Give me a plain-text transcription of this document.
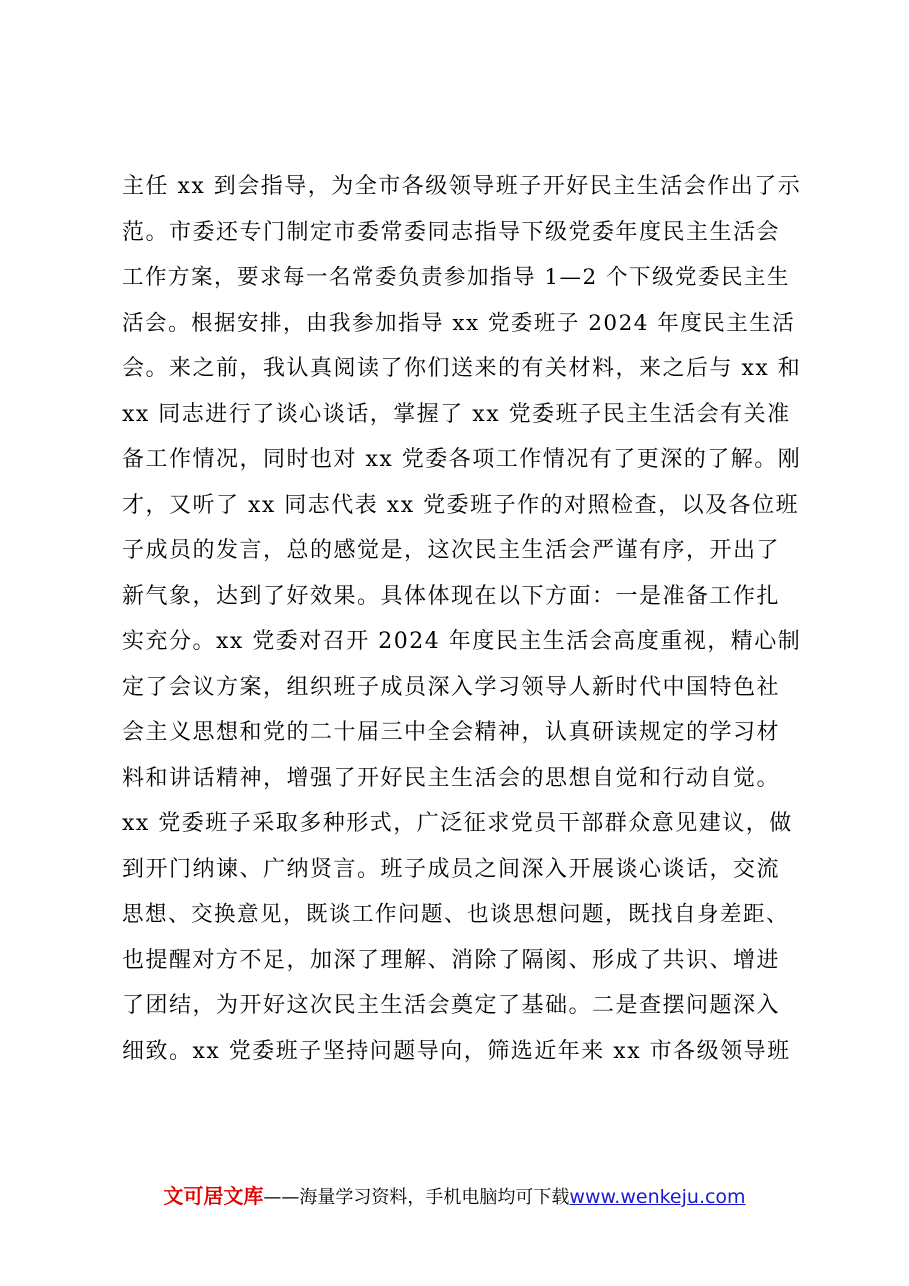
主任 xx 到会指导，为全市各级领导班子开好民主生活会作出了示
范。市委还专门制定市委常委同志指导下级党委年度民主生活会
工作方案，要求每一名常委负责参加指导 1—2 个下级党委民主生
活会。根据安排，由我参加指导 xx 党委班子 2024 年度民主生活
会。来之前，我认真阅读了你们送来的有关材料，来之后与 xx 和
xx 同志进行了谈心谈话，掌握了 xx 党委班子民主生活会有关准
备工作情况，同时也对 xx 党委各项工作情况有了更深的了解。刚
才，又听了 xx 同志代表 xx 党委班子作的对照检查，以及各位班
子成员的发言，总的感觉是，这次民主生活会严谨有序，开出了
新气象，达到了好效果。具体体现在以下方面：一是准备工作扎
实充分。xx 党委对召开 2024 年度民主生活会高度重视，精心制
定了会议方案，组织班子成员深入学习领导人新时代中国特色社
会主义思想和党的二十届三中全会精神，认真研读规定的学习材
料和讲话精神，增强了开好民主生活会的思想自觉和行动自觉。
xx 党委班子采取多种形式，广泛征求党员干部群众意见建议，做
到开门纳谏、广纳贤言。班子成员之间深入开展谈心谈话，交流
思想、交换意见，既谈工作问题、也谈思想问题，既找自身差距、
也提醒对方不足，加深了理解、消除了隔阂、形成了共识、增进
了团结，为开好这次民主生活会奠定了基础。二是查摆问题深入
细致。xx 党委班子坚持问题导向，筛选近年来 xx 市各级领导班
文可居文库——海量学习资料，手机电脑均可下载www.wenkeju.com
